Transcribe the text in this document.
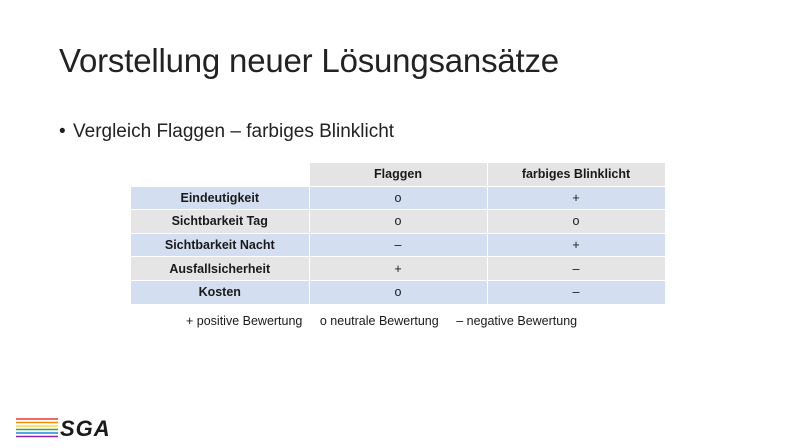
Vorstellung neuer Lösungsansätze
• Vergleich Flaggen – farbiges Blinklicht
	Flaggen	farbiges Blinklicht
Eindeutigkeit	o	+
Sichtbarkeit Tag	o	o
Sichtbarkeit Nacht	–	+
Ausfallsicherheit	+	–
Kosten	o	–
+ positive Bewertung o neutrale Bewertung – negative Bewertung
SGA
